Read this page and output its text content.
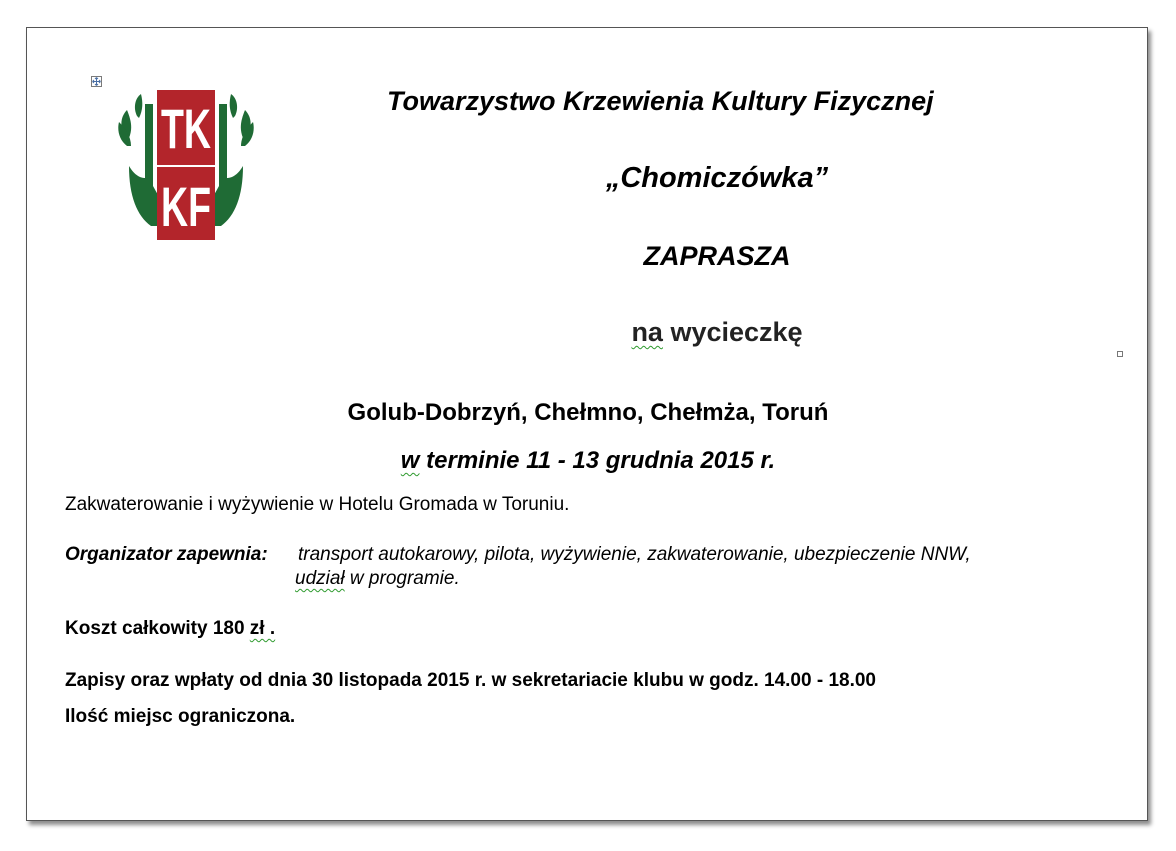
TK
KF
Towarzystwo Krzewienia Kultury Fizycznej
„Chomiczówka”
ZAPRASZA
na wycieczkę
Golub-Dobrzyń, Chełmno, Chełmża, Toruń
w terminie 11 - 13 grudnia 2015 r.
Zakwaterowanie i wyżywienie w Hotelu Gromada w Toruniu.
Organizator zapewnia: transport autokarowy, pilota, wyżywienie, zakwaterowanie, ubezpieczenie NNW,
udział w programie.
Koszt całkowity 180 zł .
Zapisy oraz wpłaty od dnia 30 listopada 2015 r. w sekretariacie klubu w godz. 14.00 - 18.00
Ilość miejsc ograniczona.
